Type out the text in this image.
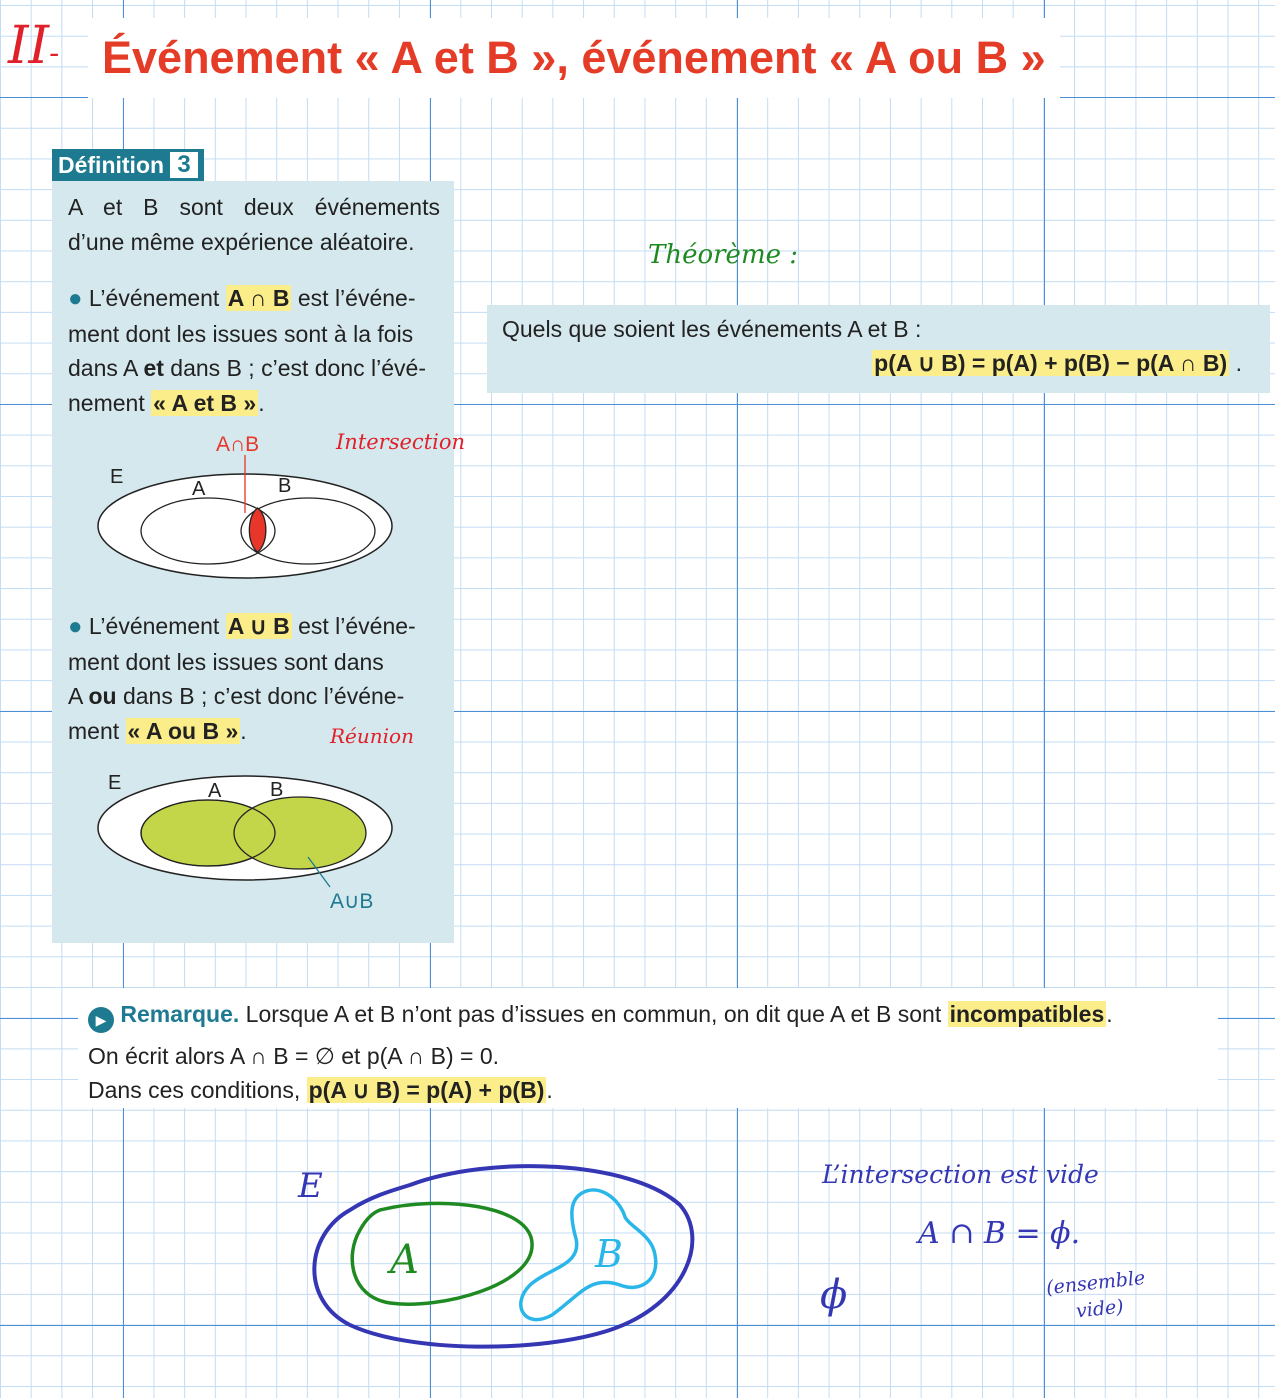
Événement « A et B », événement « A ou B »
II-
Définition 3
A et B sont deux événements
d’une même expérience aléatoire.
● L’événement A ∩ B est l’événe-
ment dont les issues sont à la fois
dans A et dans B ; c’est donc l’évé-
nement « A et B ».
E
A	B
A∩B	Intersection
● L’événement A ∪ B est l’événe-
ment dont les issues sont dans
A ou dans B ; c’est donc l’événe-
ment « A ou B ».	Réunion
E	A B
A∪B
Théorème :
Quels que soient les événements A et B :
p(A ∪ B) = p(A) + p(B) − p(A ∩ B) .
▶ Remarque. Lorsque A et B n’ont pas d’issues en commun, on dit que A et B sont incompatibles.
On écrit alors A ∩ B = ∅ et p(A ∩ B) = 0.
Dans ces conditions, p(A ∪ B) = p(A) + p(B).
E
A	B
L’intersection est vide
A ∩ B = ϕ.
ϕ	(ensemble
vide)
